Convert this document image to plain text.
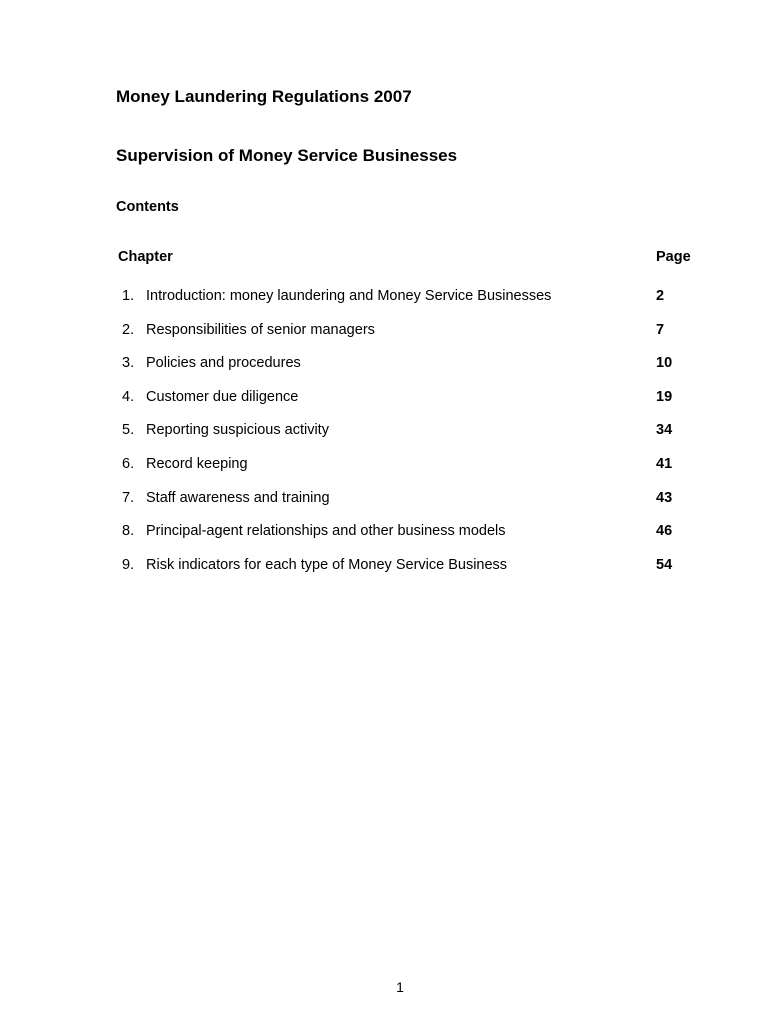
Money Laundering Regulations 2007
Supervision of Money Service Businesses
Contents
Chapter	Page
1. Introduction: money laundering and Money Service Businesses	2
2. Responsibilities of senior managers	7
3. Policies and procedures	10
4. Customer due diligence	19
5. Reporting suspicious activity	34
6. Record keeping	41
7. Staff awareness and training	43
8. Principal-agent relationships and other business models	46
9. Risk indicators for each type of Money Service Business	54
1
